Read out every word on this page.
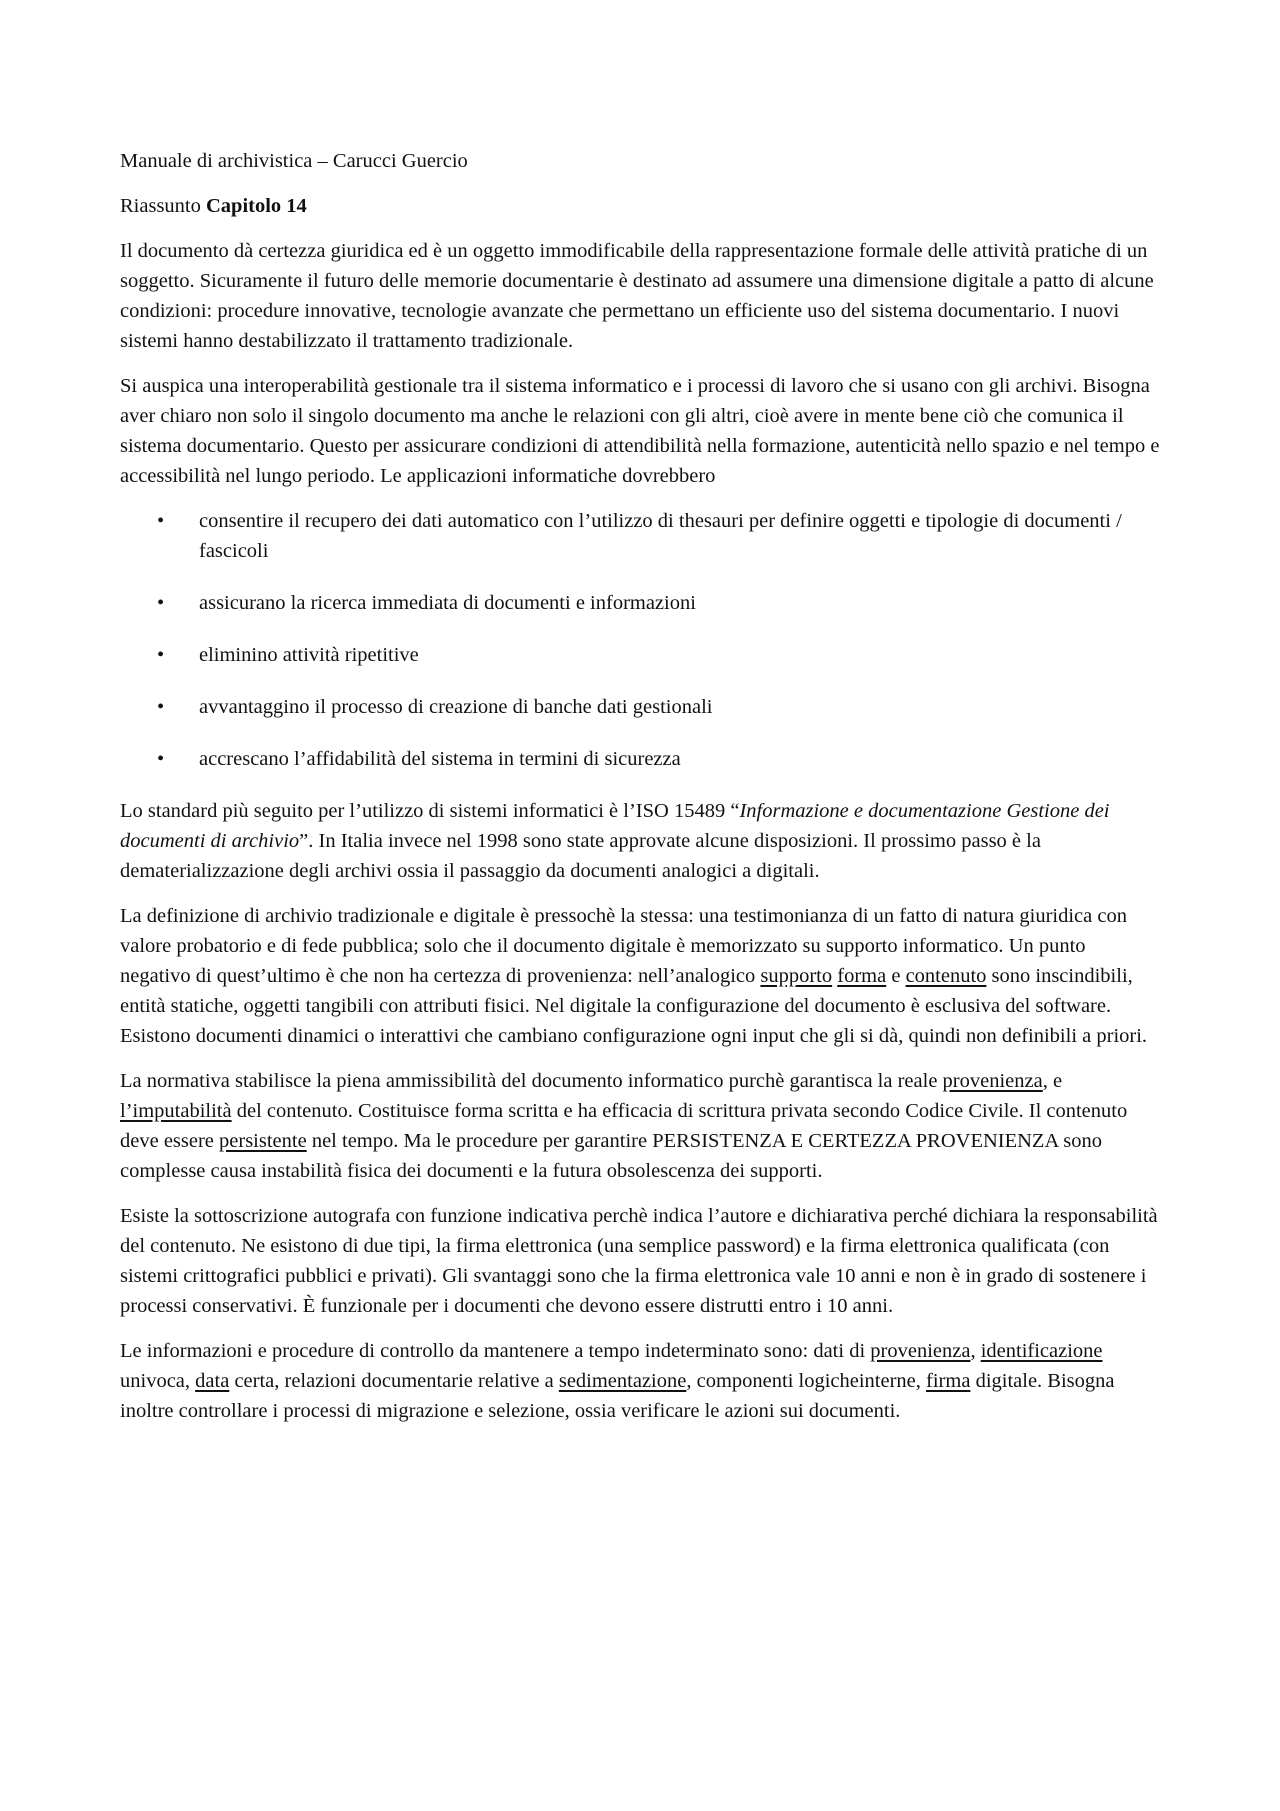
Manuale di archivistica – Carucci Guercio

Riassunto Capitolo 14

Il documento dà certezza giuridica ed è un oggetto immodificabile della rappresentazione formale delle attività pratiche di un soggetto. Sicuramente il futuro delle memorie documentarie è destinato ad assumere una dimensione digitale a patto di alcune condizioni: procedure innovative, tecnologie avanzate che permettano un efficiente uso del sistema documentario. I nuovi sistemi hanno destabilizzato il trattamento tradizionale.

Si auspica una interoperabilità gestionale tra il sistema informatico e i processi di lavoro che si usano con gli archivi. Bisogna aver chiaro non solo il singolo documento ma anche le relazioni con gli altri, cioè avere in mente bene ciò che comunica il sistema documentario. Questo per assicurare condizioni di attendibilità nella formazione, autenticità nello spazio e nel tempo e accessibilità nel lungo periodo. Le applicazioni informatiche dovrebbero

• consentire il recupero dei dati automatico con l’utilizzo di thesauri per definire oggetti e tipologie di documenti / fascicoli
• assicurano la ricerca immediata di documenti e informazioni
• eliminino attività ripetitive
• avvantaggino il processo di creazione di banche dati gestionali
• accrescano l’affidabilità del sistema in termini di sicurezza

Lo standard più seguito per l’utilizzo di sistemi informatici è l’ISO 15489 “Informazione e documentazione Gestione dei documenti di archivio”. In Italia invece nel 1998 sono state approvate alcune disposizioni. Il prossimo passo è la dematerializzazione degli archivi ossia il passaggio da documenti analogici a digitali.

La definizione di archivio tradizionale e digitale è pressochè la stessa: una testimonianza di un fatto di natura giuridica con valore probatorio e di fede pubblica; solo che il documento digitale è memorizzato su supporto informatico. Un punto negativo di quest’ultimo è che non ha certezza di provenienza: nell’analogico supporto forma e contenuto sono inscindibili, entità statiche, oggetti tangibili con attributi fisici. Nel digitale la configurazione del documento è esclusiva del software. Esistono documenti dinamici o interattivi che cambiano configurazione ogni input che gli si dà, quindi non definibili a priori.

La normativa stabilisce la piena ammissibilità del documento informatico purchè garantisca la reale provenienza, e l’imputabilità del contenuto. Costituisce forma scritta e ha efficacia di scrittura privata secondo Codice Civile. Il contenuto deve essere persistente nel tempo. Ma le procedure per garantire PERSISTENZA E CERTEZZA PROVENIENZA sono complesse causa instabilità fisica dei documenti e la futura obsolescenza dei supporti.

Esiste la sottoscrizione autografa con funzione indicativa perchè indica l’autore e dichiarativa perché dichiara la responsabilità del contenuto. Ne esistono di due tipi, la firma elettronica (una semplice password) e la firma elettronica qualificata (con sistemi crittografici pubblici e privati). Gli svantaggi sono che la firma elettronica vale 10 anni e non è in grado di sostenere i processi conservativi. È funzionale per i documenti che devono essere distrutti entro i 10 anni.

Le informazioni e procedure di controllo da mantenere a tempo indeterminato sono: dati di provenienza, identificazione univoca, data certa, relazioni documentarie relative a sedimentazione, componenti logicheinterne, firma digitale. Bisogna inoltre controllare i processi di migrazione e selezione, ossia verificare le azioni sui documenti.
